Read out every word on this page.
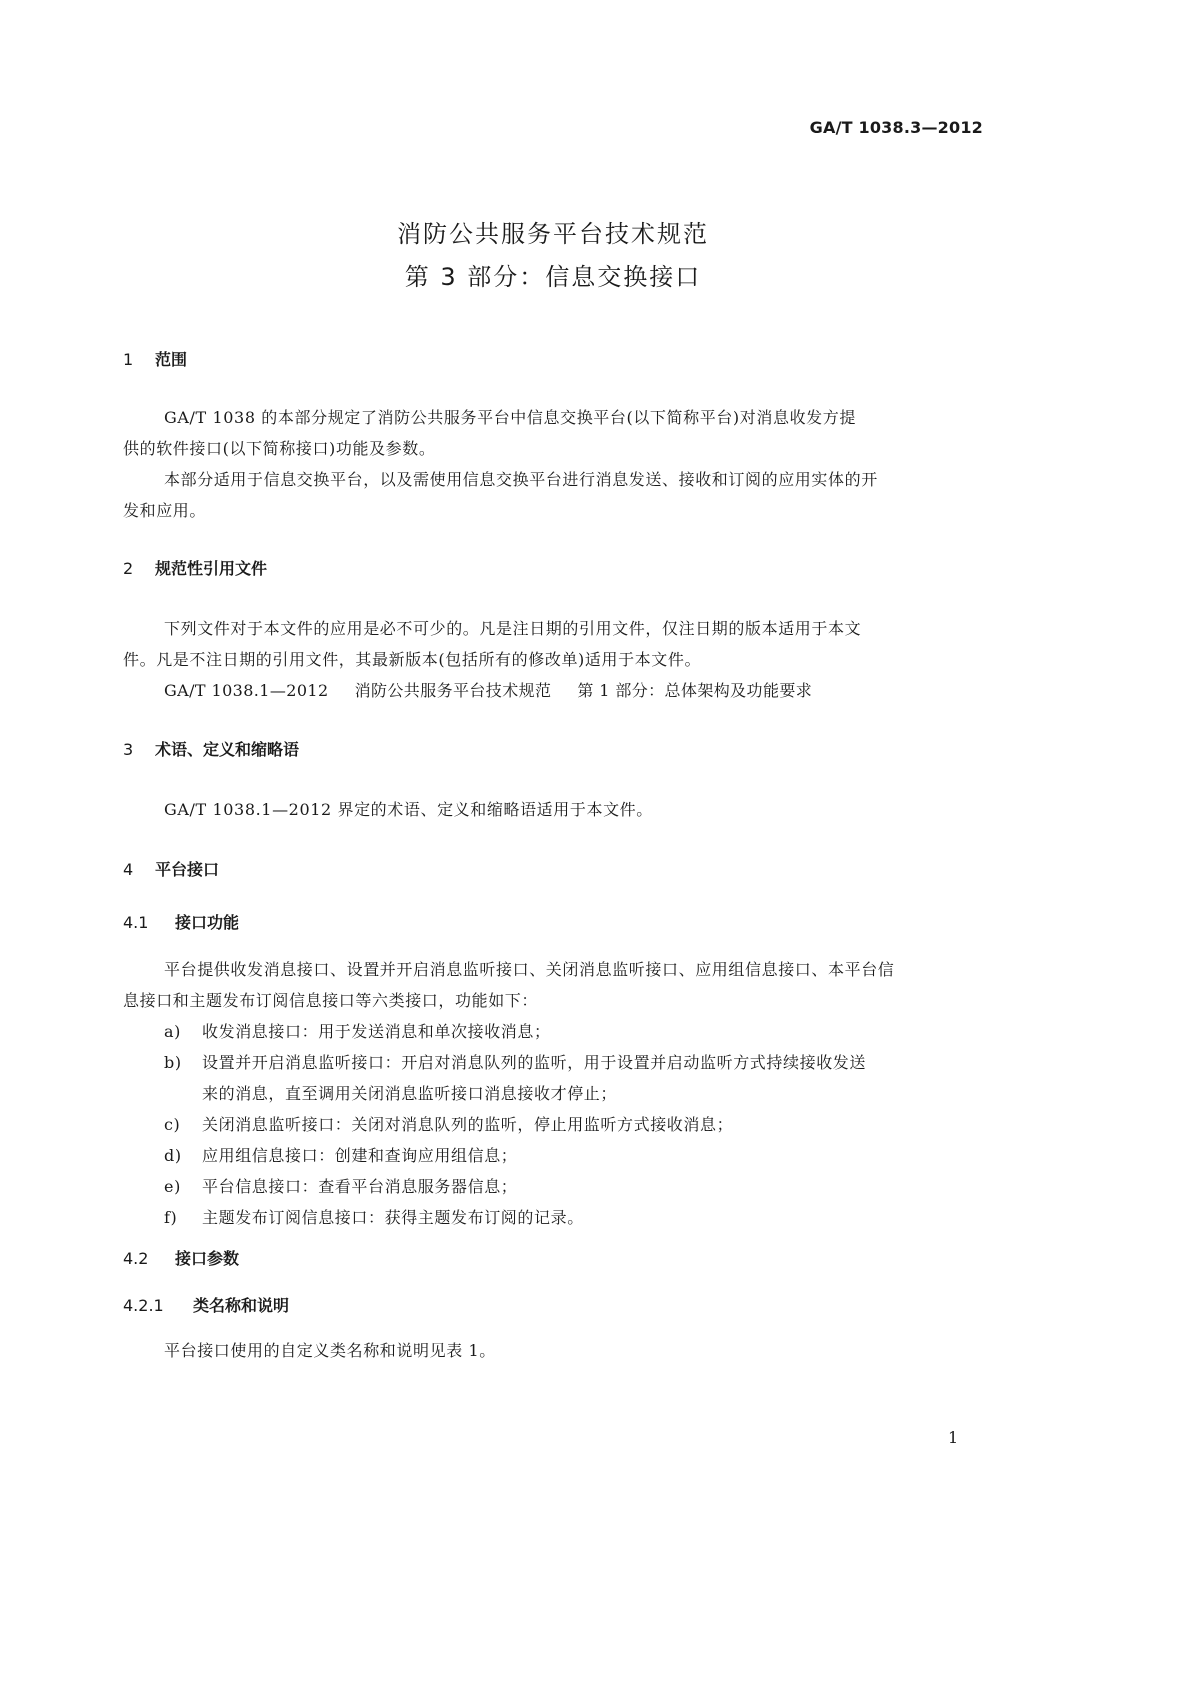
GA/T 1038.3—2012
消防公共服务平台技术规范
第 3 部分：信息交换接口
1 范围
GA/T 1038 的本部分规定了消防公共服务平台中信息交换平台(以下简称平台)对消息收发方提
供的软件接口(以下简称接口)功能及参数。
本部分适用于信息交换平台，以及需使用信息交换平台进行消息发送、接收和订阅的应用实体的开
发和应用。
2 规范性引用文件
下列文件对于本文件的应用是必不可少的。凡是注日期的引用文件，仅注日期的版本适用于本文
件。凡是不注日期的引用文件，其最新版本(包括所有的修改单)适用于本文件。
GA/T 1038.1—2012 消防公共服务平台技术规范 第 1 部分：总体架构及功能要求
3 术语、定义和缩略语
GA/T 1038.1—2012 界定的术语、定义和缩略语适用于本文件。
4 平台接口
4.1 接口功能
平台提供收发消息接口、设置并开启消息监听接口、关闭消息监听接口、应用组信息接口、本平台信
息接口和主题发布订阅信息接口等六类接口，功能如下：
a) 收发消息接口：用于发送消息和单次接收消息；
b) 设置并开启消息监听接口：开启对消息队列的监听，用于设置并启动监听方式持续接收发送
来的消息，直至调用关闭消息监听接口消息接收才停止；
c) 关闭消息监听接口：关闭对消息队列的监听，停止用监听方式接收消息；
d) 应用组信息接口：创建和查询应用组信息；
e) 平台信息接口：查看平台消息服务器信息；
f) 主题发布订阅信息接口：获得主题发布订阅的记录。
4.2 接口参数
4.2.1 类名称和说明
平台接口使用的自定义类名称和说明见表 1。
1
